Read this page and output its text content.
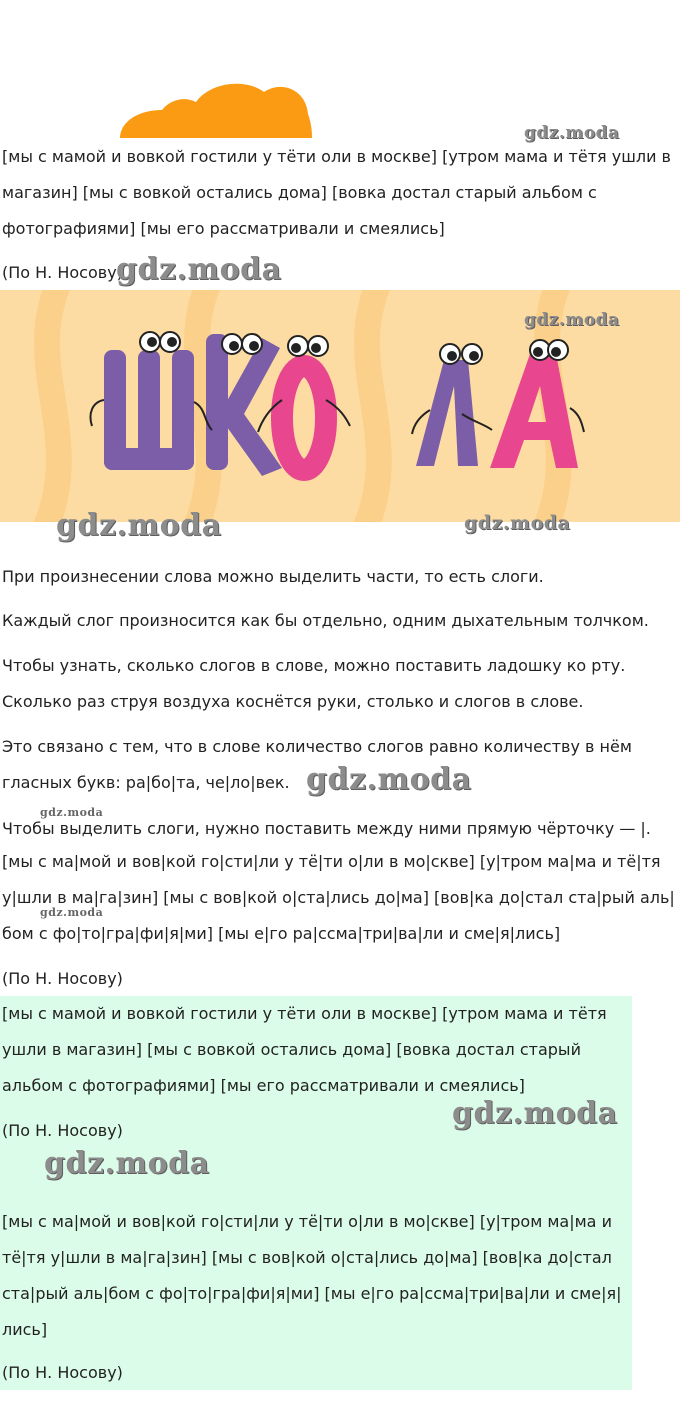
gdz.moda

[мы с мамой и вовкой гостили у тёти оли в москве] [утром мама и тётя ушли в магазин] [мы с вовкой остались дома] [вовка достал старый альбом с фотографиями] [мы его рассматривали и смеялись]

(По Н. Носову)

gdz.moda
gdz.moda
gdz.moda	gdz.moda

При произнесении слова можно выделить части, то есть слоги.

Каждый слог произносится как бы отдельно, одним дыхательным толчком.

Чтобы узнать, сколько слогов в слове, можно поставить ладошку ко рту. Сколько раз струя воздуха коснётся руки, столько и слогов в слове.

Это связано с тем, что в слове количество слогов равно количеству в нём гласных букв: ра|бо|та, че|ло|век. gdz.moda
gdz.moda

Чтобы выделить слоги, нужно поставить между ними прямую чёрточку — |.

[мы с ма|мой и вов|кой го|сти|ли у тё|ти о|ли в мо|скве] [у|тром ма|ма и тё|тя у|шли в ма|га|зин] [мы с вов|кой о|ста|лись до|ма] [вов|ка до|стал ста|рый аль|бом с фо|то|гра|фи|я|ми] [мы е|го ра|ссма|три|ва|ли и сме|я|лись]

gdz.moda

(По Н. Носову)

[мы с мамой и вовкой гостили у тёти оли в москве] [утром мама и тётя ушли в магазин] [мы с вовкой остались дома] [вовка достал старый альбом с фотографиями] [мы его рассматривали и смеялись]

(По Н. Носову)	gdz.moda
gdz.moda

[мы с ма|мой и вов|кой го|сти|ли у тё|ти о|ли в мо|скве] [у|тром ма|ма и тё|тя у|шли в ма|га|зин] [мы с вов|кой о|ста|лись до|ма] [вов|ка до|стал ста|рый аль|бом с фо|то|гра|фи|я|ми] [мы е|го ра|ссма|три|ва|ли и сме|я|лись]

(По Н. Носову)
